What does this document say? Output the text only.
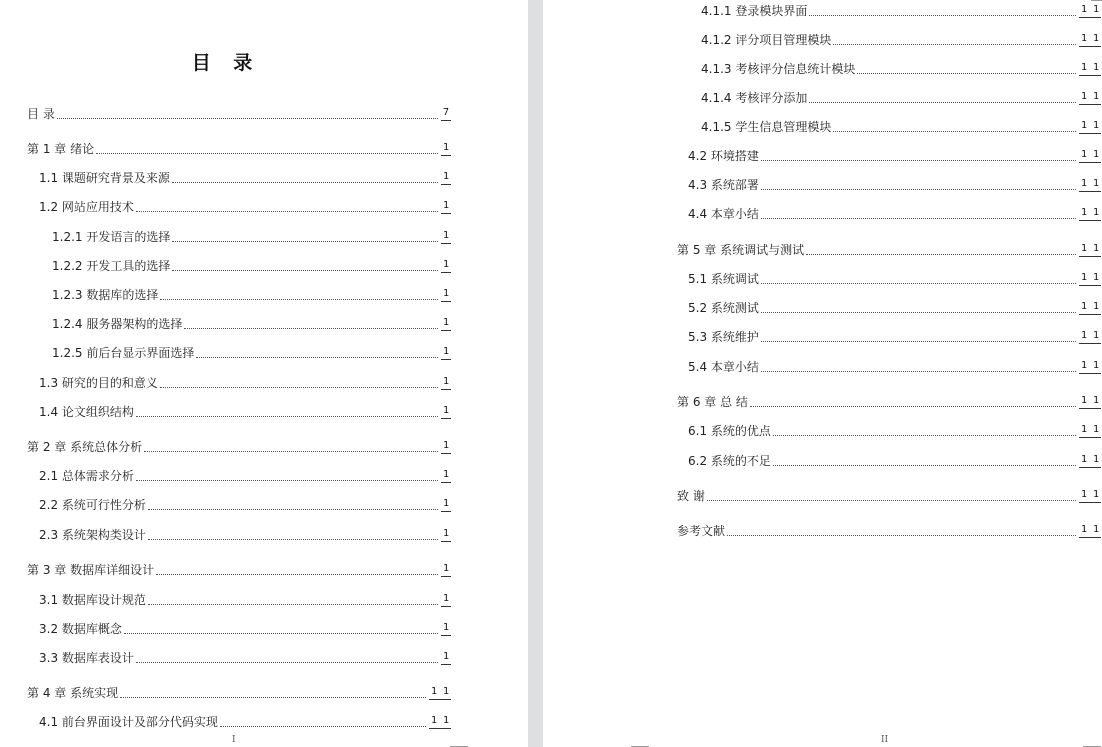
目 录
目 录	7
第 1 章 绪论	1
1.1 课题研究背景及来源	1
1.2 网站应用技术	1
1.2.1 开发语言的选择	1
1.2.2 开发工具的选择	1
1.2.3 数据库的选择	1
1.2.4 服务器架构的选择	1
1.2.5 前后台显示界面选择	1
1.3 研究的目的和意义	1
1.4 论文组织结构	1
第 2 章 系统总体分析	1
2.1 总体需求分析	1
2.2 系统可行性分析	1
2.3 系统架构类设计	1
第 3 章 数据库详细设计	1
3.1 数据库设计规范	1
3.2 数据库概念	1
3.3 数据库表设计	1
第 4 章 系统实现	1 1
4.1 前台界面设计及部分代码实现	1 1
I
4.1.1 登录模块界面	1 1
4.1.2 评分项目管理模块	1 1
4.1.3 考核评分信息统计模块	1 1
4.1.4 考核评分添加	1 1
4.1.5 学生信息管理模块	1 1
4.2 环境搭建	1 1
4.3 系统部署	1 1
4.4 本章小结	1 1
第 5 章 系统调试与测试	1 1
5.1 系统调试	1 1
5.2 系统测试	1 1
5.3 系统维护	1 1
5.4 本章小结	1 1
第 6 章 总 结	1 1
6.1 系统的优点	1 1
6.2 系统的不足	1 1
致 谢	1 1
参考文献	1 1
II
